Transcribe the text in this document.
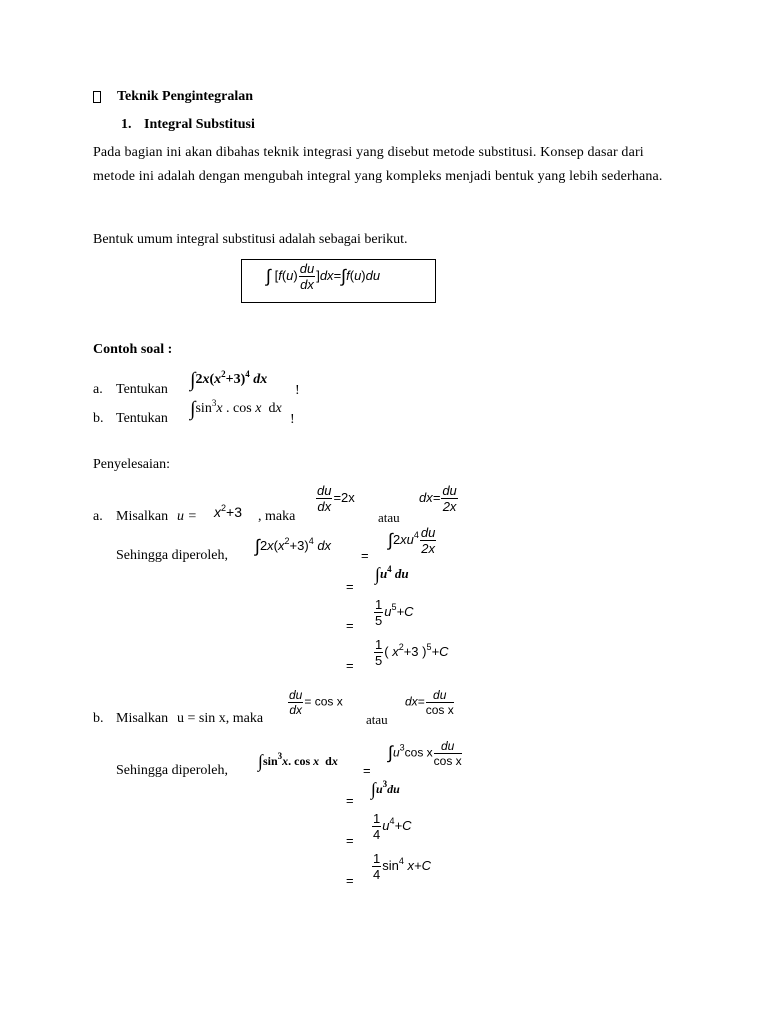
Teknik Pengintegralan
1. Integral Substitusi
Pada bagian ini akan dibahas teknik integrasi yang disebut metode substitusi. Konsep dasar dari metode ini adalah dengan mengubah integral yang kompleks menjadi bentuk yang lebih sederhana.
Bentuk umum integral substitusi adalah sebagai berikut.
∫ $[f(u) \frac{du}{dx} ]dx=\int f(u)du$
Contoh soal :
a. Tentukan $\int 2x(x^2+3)^4$ dx
!
b. Tentukan $\int\sin^3x$ . cos x  dx
!
Penyelesaian:
a. Misalkan $u = x^2+3$ , maka
$\frac{du}{dx} =2x$
atau
$dx= \frac{du}{2x}$
Sehingga diperoleh, $\int 2x(x^2+3)^4$ dx
=
$\int 2xu^4 \frac{du}{2x}$
=
$\int u^4$ du
= $\frac{1}{5} u^5+C$
= $\frac{1}{5}$ ( $x^2+3$ )$^5$+C
b. Misalkan u = sin x, maka
$\frac{du}{dx} = \cos x$
atau
$dx= \frac{du}{\text{cos x}}$
Sehingga diperoleh, $\int\sin^3x$. cos x  dx
=
$\int u^3\cos$ x $\frac{du}{\text{cos x}}$
=
$\int u^3du$
= $\frac{1}{4} u^4+C$
= $\frac{1}{4} \sin^4 x+C$
